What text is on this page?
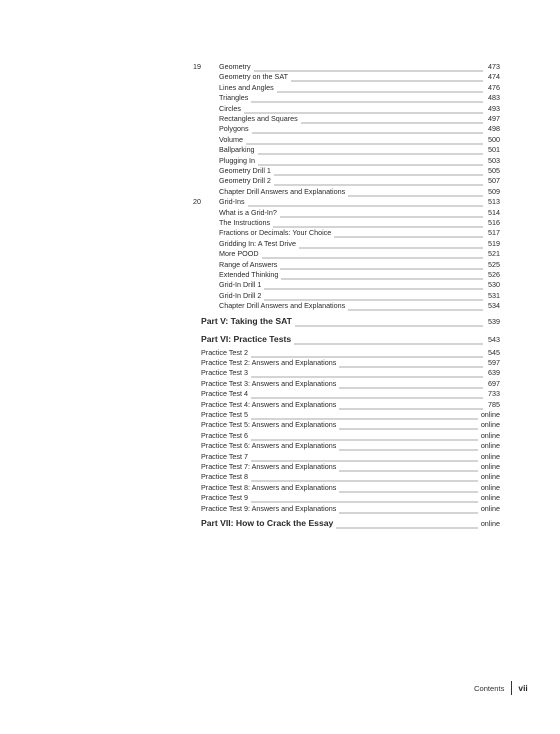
19	Geometry	473
Geometry on the SAT	474
Lines and Angles	476
Triangles	483
Circles	493
Rectangles and Squares	497
Polygons	498
Volume	500
Ballparking	501
Plugging In	503
Geometry Drill 1	505
Geometry Drill 2	507
Chapter Drill Answers and Explanations	509
20	Grid-Ins	513
What is a Grid-In?	514
The Instructions	516
Fractions or Decimals: Your Choice	517
Gridding In: A Test Drive	519
More POOD	521
Range of Answers	525
Extended Thinking	526
Grid-In Drill 1	530
Grid-In Drill 2	531
Chapter Drill Answers and Explanations	534
Part V: Taking the SAT	539
Part VI: Practice Tests	543
Practice Test 2	545
Practice Test 2: Answers and Explanations	597
Practice Test 3	639
Practice Test 3: Answers and Explanations	697
Practice Test 4	733
Practice Test 4: Answers and Explanations	785
Practice Test 5	online
Practice Test 5: Answers and Explanations	online
Practice Test 6	online
Practice Test 6: Answers and Explanations	online
Practice Test 7	online
Practice Test 7: Answers and Explanations	online
Practice Test 8	online
Practice Test 8: Answers and Explanations	online
Practice Test 9	online
Practice Test 9: Answers and Explanations	online
Part VII: How to Crack the Essay	online
Contents	vii
